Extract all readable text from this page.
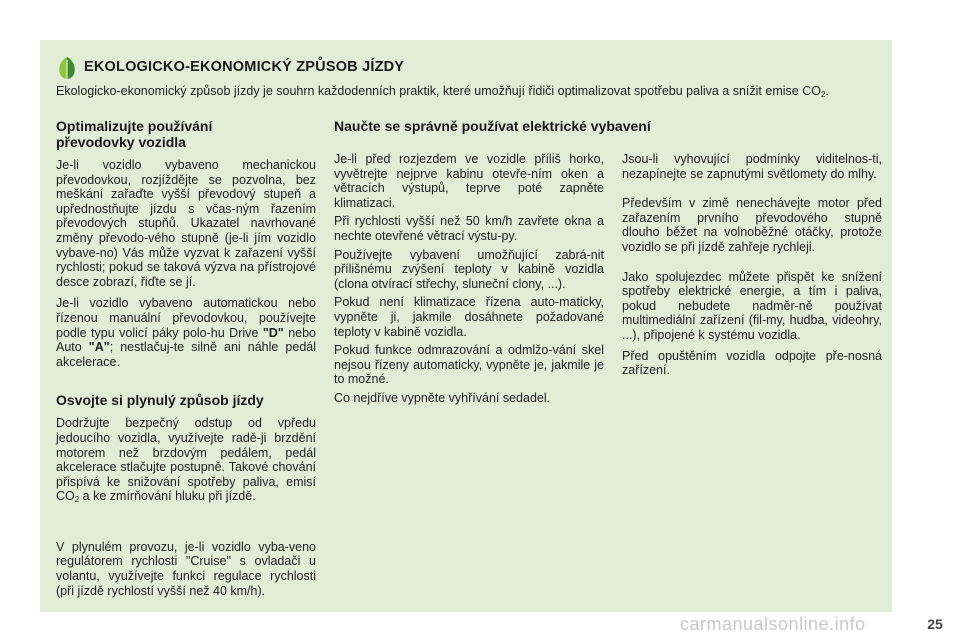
EKOLOGICKO-EKONOMICKÝ ZPŮSOB JÍZDY
Ekologicko-ekonomický způsob jízdy je souhrn každodenních praktik, které umožňují řidiči optimalizovat spotřebu paliva a snížit emise $CO_2$.

Optimalizujte používání převodovky vozidla

Je-li vozidlo vybaveno mechanickou převodovkou, rozjíždějte se pozvolna, bez meškání zařaďte vyšší převodový stupeň a upřednostňujte jízdu s včas-ným řazením převodových stupňů. Ukazatel navrhované změny převodo-vého stupně (je-li jím vozidlo vybave-no) Vás může vyzvat k zařazení vyšší rychlosti; pokud se taková výzva na přístrojové desce zobrazí, řiďte se jí.

Je-li vozidlo vybaveno automatickou nebo řízenou manuální převodovkou, používejte podle typu volicí páky polo-hu Drive "D" nebo Auto "A"; nestlačuj-te silně ani náhle pedál akcelerace.

Osvojte si plynulý způsob jízdy

Dodržujte bezpečný odstup od vpředu jedoucího vozidla, využívejte radě-ji brzdění motorem než brzdovým pedálem, pedál akcelerace stlačujte postupně. Takové chování přispívá ke snižování spotřeby paliva, emisí $CO_2$ a ke zmírňování hluku při jízdě.

V plynulém provozu, je-li vozidlo vyba-veno regulátorem rychlosti "Cruise" s ovladači u volantu, využívejte funkci regulace rychlosti (při jízdě rychlostí vyšší než 40 km/h).

Naučte se správně používat elektrické vybavení

Je-li před rozjezdem ve vozidle příliš horko, vyvětrejte nejprve kabinu otevře-ním oken a větracích výstupů, teprve poté zapněte klimatizaci.

Při rychlosti vyšší než 50 km/h zavřete okna a nechte otevřené větrací výstu-py.

Používejte vybavení umožňující zabrá-nit přílišnému zvýšení teploty v kabině vozidla (clona otvírací střechy, sluneční clony, ...).

Pokud není klimatizace řízena auto-maticky, vypněte ji, jakmile dosáhnete požadované teploty v kabině vozidla.

Pokud funkce odmrazování a odmlžo-vání skel nejsou řízeny automaticky, vypněte je, jakmile je to možné.

Co nejdříve vypněte vyhřívání sedadel.

Jsou-li vyhovující podmínky viditelnos-ti, nezapínejte se zapnutými světlomety do mlhy.

Především v zimě nenechávejte motor před zařazením prvního převodového stupně dlouho běžet na volnoběžné otáčky, protože vozidlo se při jízdě zahřeje rychleji.

Jako spolujezdec můžete přispět ke snížení spotřeby elektrické energie, a tím i paliva, pokud nebudete nadměr-ně používat multimediální zařízení (fil-my, hudba, videohry, ...), připojené k systému vozidla.

Před opuštěním vozidla odpojte pře-nosná zařízení.

carmanualsonline.info	25
